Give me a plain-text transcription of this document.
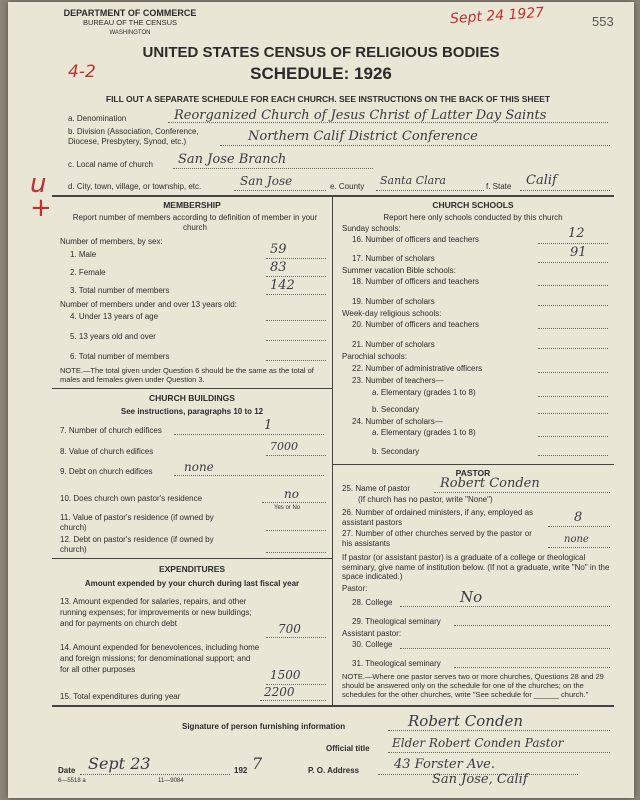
DEPARTMENT OF COMMERCE
BUREAU OF THE CENSUS
WASHINGTON
Sept 24 1927	553
UNITED STATES CENSUS OF RELIGIOUS BODIES
SCHEDULE: 1926
4-2
FILL OUT A SEPARATE SCHEDULE FOR EACH CHURCH. SEE INSTRUCTIONS ON THE BACK OF THIS SHEET
u +
a. Denomination	Reorganized Church of Jesus Christ of Latter Day Saints
b. Division (Association, Conference, Diocese, Presbytery, Synod, etc.)	Northern Calif District Conference
c. Local name of church San Jose Branch
d. City, town, village, or township, etc.	San Jose	e. County Santa Clara	f. State Calif
MEMBERSHIP
Report number of members according to definition of member in your church
Number of members, by sex:
1. Male	59
2. Female	83
3. Total number of members	142
Number of members under and over 13 years old:
4. Under 13 years of age
5. 13 years old and over
6. Total number of members
NOTE.—The total given under Question 6 should be the same as the total of males and females given under Question 3.
CHURCH BUILDINGS
See instructions, paragraphs 10 to 12
7. Number of church edifices	1
8. Value of church edifices	7000
9. Debt on church edifices	none
10. Does church own pastor's residence	no
Yes or No
11. Value of pastor's residence (if owned by church)
12. Debt on pastor's residence (if owned by church)
EXPENDITURES
Amount expended by your church during last fiscal year
13. Amount expended for salaries, repairs, and other running expenses; for improvements or new buildings; and for payments on church debt	700
14. Amount expended for benevolences, including home and foreign missions; for denominational support; and for all other purposes	1500
15. Total expenditures during year	2200
CHURCH SCHOOLS
Report here only schools conducted by this church
Sunday schools:
16. Number of officers and teachers	12
17. Number of scholars	91
Summer vacation Bible schools:
18. Number of officers and teachers
19. Number of scholars
Week-day religious schools:
20. Number of officers and teachers
21. Number of scholars
Parochial schools:
22. Number of administrative officers
23. Number of teachers—
a. Elementary (grades 1 to 8)
b. Secondary
24. Number of scholars—
a. Elementary (grades 1 to 8)
b. Secondary
PASTOR
25. Name of pastor Robert Conden
(If church has no pastor, write "None")
26. Number of ordained ministers, if any, employed as assistant pastors	8
27. Number of other churches served by the pastor or his assistants	none
If pastor (or assistant pastor) is a graduate of a college or theological seminary, give name of institution below. (If not a graduate, write "No" in the space indicated.)
Pastor:
28. College	No
29. Theological seminary
Assistant pastor:
30. College
31. Theological seminary
NOTE.—Where one pastor serves two or more churches, Questions 28 and 29 should be answered only on the schedule for one of the churches; on the schedules for the other churches, write "See schedule for ______ church."
Signature of person furnishing information	Robert Conden
Official title Elder Robert Conden Pastor
Date Sept 23	192 7	P. O. Address	43 Forster Ave.
San Jose, Calif
6—5518 a	11—9084
